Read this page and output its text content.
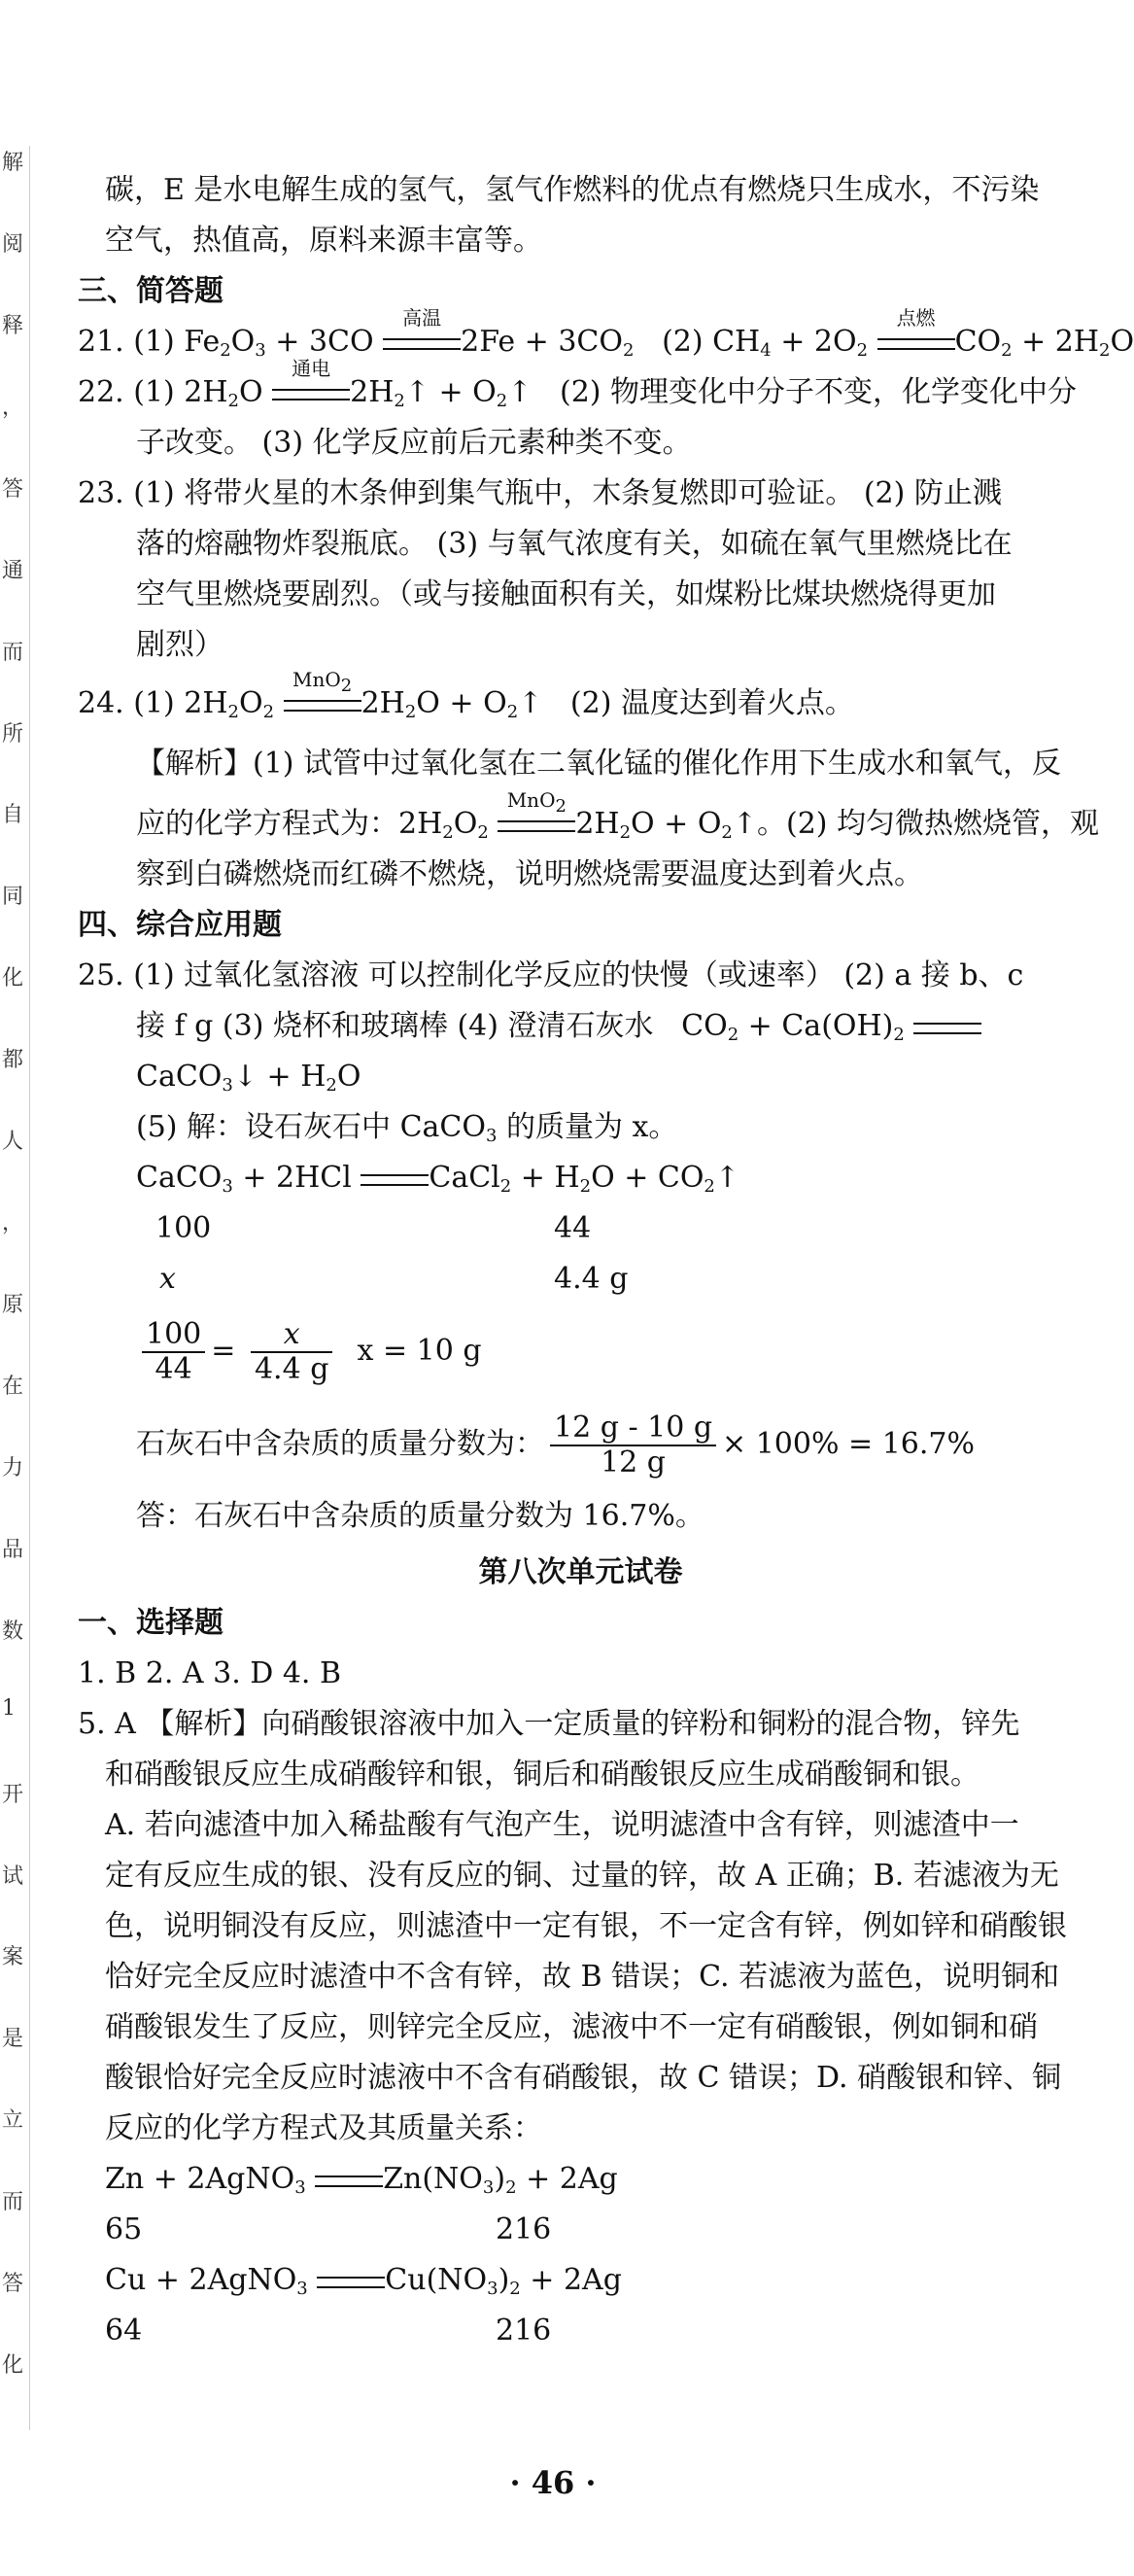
解
阅
释
，
答
通
而
所
自
同
化
都
人
，
原
在
力
品
数
1
开
试
案
是
立
而
答
化
碳，E 是水电解生成的氢气，氢气作燃料的优点有燃烧只生成水，不污染
空气，热值高，原料来源丰富等。
三、简答题
21. (1) $Fe_2O_3 + 3CO$
高温
$2Fe + 3CO_2$ (2) $CH_4 + 2O_2$
点燃
$CO_2 + 2H_2O$
22. (1) $2H_2O$
通电
$2H_2↑$ + $O_2↑$   (2) 物理变化中分子不变，化学变化中分
子改变。 (3) 化学反应前后元素种类不变。
23. (1) 将带火星的木条伸到集气瓶中，木条复燃即可验证。 (2) 防止溅
落的熔融物炸裂瓶底。 (3) 与氧气浓度有关，如硫在氧气里燃烧比在
空气里燃烧要剧烈。（或与接触面积有关，如煤粉比煤块燃烧得更加
剧烈）
24. (1) $2H_2O_2$
MnO$_2$
$2H_2O$ + $O_2↑$   (2) 温度达到着火点。
【解析】(1) 试管中过氧化氢在二氧化锰的催化作用下生成水和氧气，反
应的化学方程式为：$2H_2O_2$
MnO$_2$
$2H_2O$ + $O_2↑$。(2) 均匀微热燃烧管，观
察到白磷燃烧而红磷不燃烧，说明燃烧需要温度达到着火点。
四、综合应用题
25. (1) 过氧化氢溶液 可以控制化学反应的快慢（或速率） (2) a 接 b、c
接 f g (3) 烧杯和玻璃棒 (4) 澄清石灰水   $CO_2 + Ca(OH)_2$
CaCO$_3$↓ + $H_2O$
(5) 解：设石灰石中 CaCO$_3$ 的质量为 x。
CaCO$_3$ + 2HCl
CaCl$_2$ + $H_2O$ + $CO_2↑$
100	44
x	4.4 g
$\frac{100}{44} = \frac{x}{4.4 g}$ x = 10 g
石灰石中含杂质的质量分数为： $\frac{12 g - 10 g}{12 g} \times 100\% = 16.7\%$
答：石灰石中含杂质的质量分数为 16.7%。
第八次单元试卷
一、选择题
1. B 2. A 3. D 4. B
5. A 【解析】向硝酸银溶液中加入一定质量的锌粉和铜粉的混合物，锌先
和硝酸银反应生成硝酸锌和银，铜后和硝酸银反应生成硝酸铜和银。
A. 若向滤渣中加入稀盐酸有气泡产生，说明滤渣中含有锌，则滤渣中一
定有反应生成的银、没有反应的铜、过量的锌，故 A 正确；B. 若滤液为无
色，说明铜没有反应，则滤渣中一定有银，不一定含有锌，例如锌和硝酸银
恰好完全反应时滤渣中不含有锌，故 B 错误；C. 若滤液为蓝色，说明铜和
硝酸银发生了反应，则锌完全反应，滤液中不一定有硝酸银，例如铜和硝
酸银恰好完全反应时滤液中不含有硝酸银，故 C 错误；D. 硝酸银和锌、铜
反应的化学方程式及其质量关系：
Zn + 2AgNO$_3$	$Zn(NO_3)_2 + 2Ag$
65	216
Cu + 2AgNO$_3$	$Cu(NO_3)_2 + 2Ag$
64	216
· 46 ·
